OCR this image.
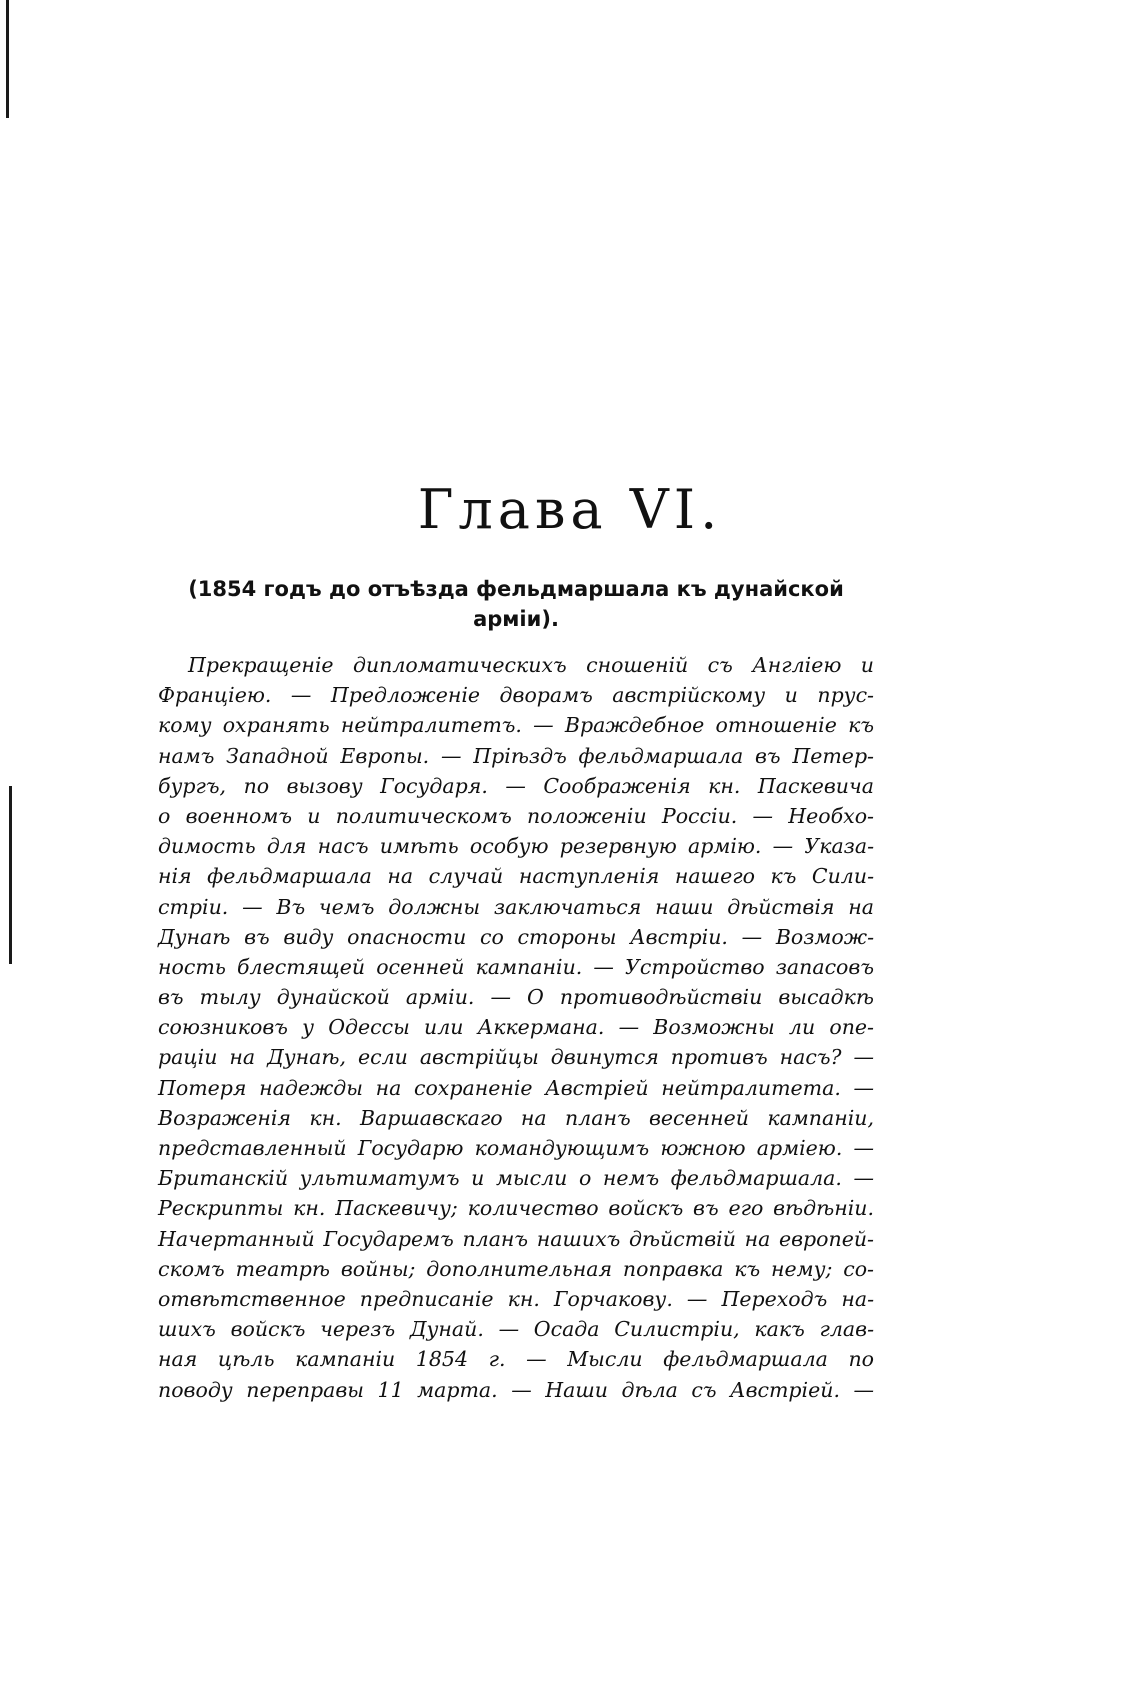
Глава VI.
(1854 годъ до отъѣзда фельдмаршала къ дунайской
арміи).
Прекращеніе дипломатическихъ сношеній съ Англіею и
Франціею. — Предложеніе дворамъ австрійскому и прус-
кому охранять нейтралитетъ. — Враждебное отношеніе къ
намъ Западной Европы. — Пріѣздъ фельдмаршала въ Петер-
бургъ, по вызову Государя. — Соображенія кн. Паскевича
о военномъ и политическомъ положеніи Россіи. — Необхо-
димость для насъ имѣть особую резервную армію. — Указа-
нія фельдмаршала на случай наступленія нашего къ Сили-
стріи. — Въ чемъ должны заключаться наши дѣйствія на
Дунаѣ въ виду опасности со стороны Австріи. — Возмож-
ность блестящей осенней кампаніи. — Устройство запасовъ
въ тылу дунайской арміи. — О противодѣйствіи высадкѣ
союзниковъ у Одессы или Аккермана. — Возможны ли опе-
раціи на Дунаѣ, если австрійцы двинутся противъ насъ? —
Потеря надежды на сохраненіе Австріей нейтралитета. —
Возраженія кн. Варшавскаго на планъ весенней кампаніи,
представленный Государю командующимъ южною арміею. —
Британскій ультиматумъ и мысли о немъ фельдмаршала. —
Рескрипты кн. Паскевичу; количество войскъ въ его вѣдѣніи.
Начертанный Государемъ планъ нашихъ дѣйствій на европей-
скомъ театрѣ войны; дополнительная поправка къ нему; со-
отвѣтственное предписаніе кн. Горчакову. — Переходъ на-
шихъ войскъ черезъ Дунай. — Осада Силистріи, какъ глав-
ная цѣль кампаніи 1854 г. — Мысли фельдмаршала по
поводу переправы 11 марта. — Наши дѣла съ Австріей. —
